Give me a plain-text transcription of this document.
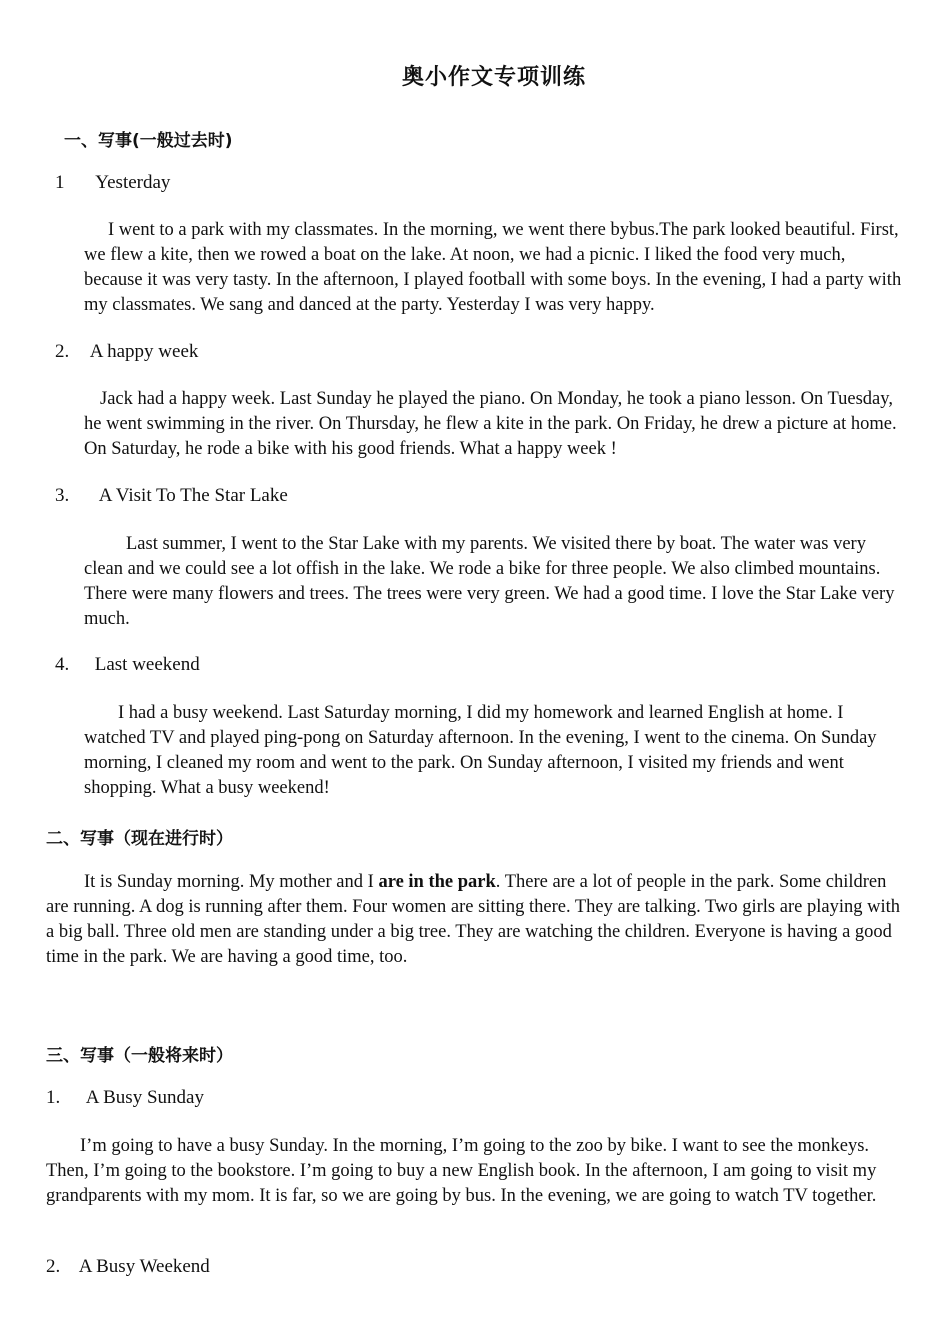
奥小作文专项训练
一、写事(一般过去时)
1 Yesterday
I went to a park with my classmates. In the morning, we went there bybus.The park looked beautiful. First, we flew a kite, then we rowed a boat on the lake. At noon, we had a picnic. I liked the food very much, because it was very tasty. In the afternoon, I played football with some boys. In the evening, I had a party with my classmates. We sang and danced at the party. Yesterday I was very happy.
2. A happy week
Jack had a happy week. Last Sunday he played the piano. On Monday, he took a piano lesson. On Tuesday, he went swimming in the river. On Thursday, he flew a kite in the park. On Friday, he drew a picture at home. On Saturday, he rode a bike with his good friends. What a happy week !
3. A Visit To The Star Lake
Last summer, I went to the Star Lake with my parents. We visited there by boat. The water was very clean and we could see a lot offish in the lake. We rode a bike for three people. We also climbed mountains. There were many flowers and trees. The trees were very green. We had a good time. I love the Star Lake very much.
4. Last weekend
I had a busy weekend. Last Saturday morning, I did my homework and learned English at home. I watched TV and played ping-pong on Saturday afternoon. In the evening, I went to the cinema. On Sunday morning, I cleaned my room and went to the park. On Sunday afternoon, I visited my friends and went shopping. What a busy weekend!
二、写事（现在进行时）
It is Sunday morning. My mother and I are in the park. There are a lot of people in the park. Some children are running. A dog is running after them. Four women are sitting there. They are talking. Two girls are playing with a big ball. Three old men are standing under a big tree. They are watching the children. Everyone is having a good time in the park. We are having a good time, too.
三、写事（一般将来时）
1. A Busy Sunday
I’m going to have a busy Sunday. In the morning, I’m going to the zoo by bike. I want to see the monkeys. Then, I’m going to the bookstore. I’m going to buy a new English book. In the afternoon, I am going to visit my grandparents with my mom. It is far, so we are going by bus. In the evening, we are going to watch TV together.
2. A Busy Weekend
